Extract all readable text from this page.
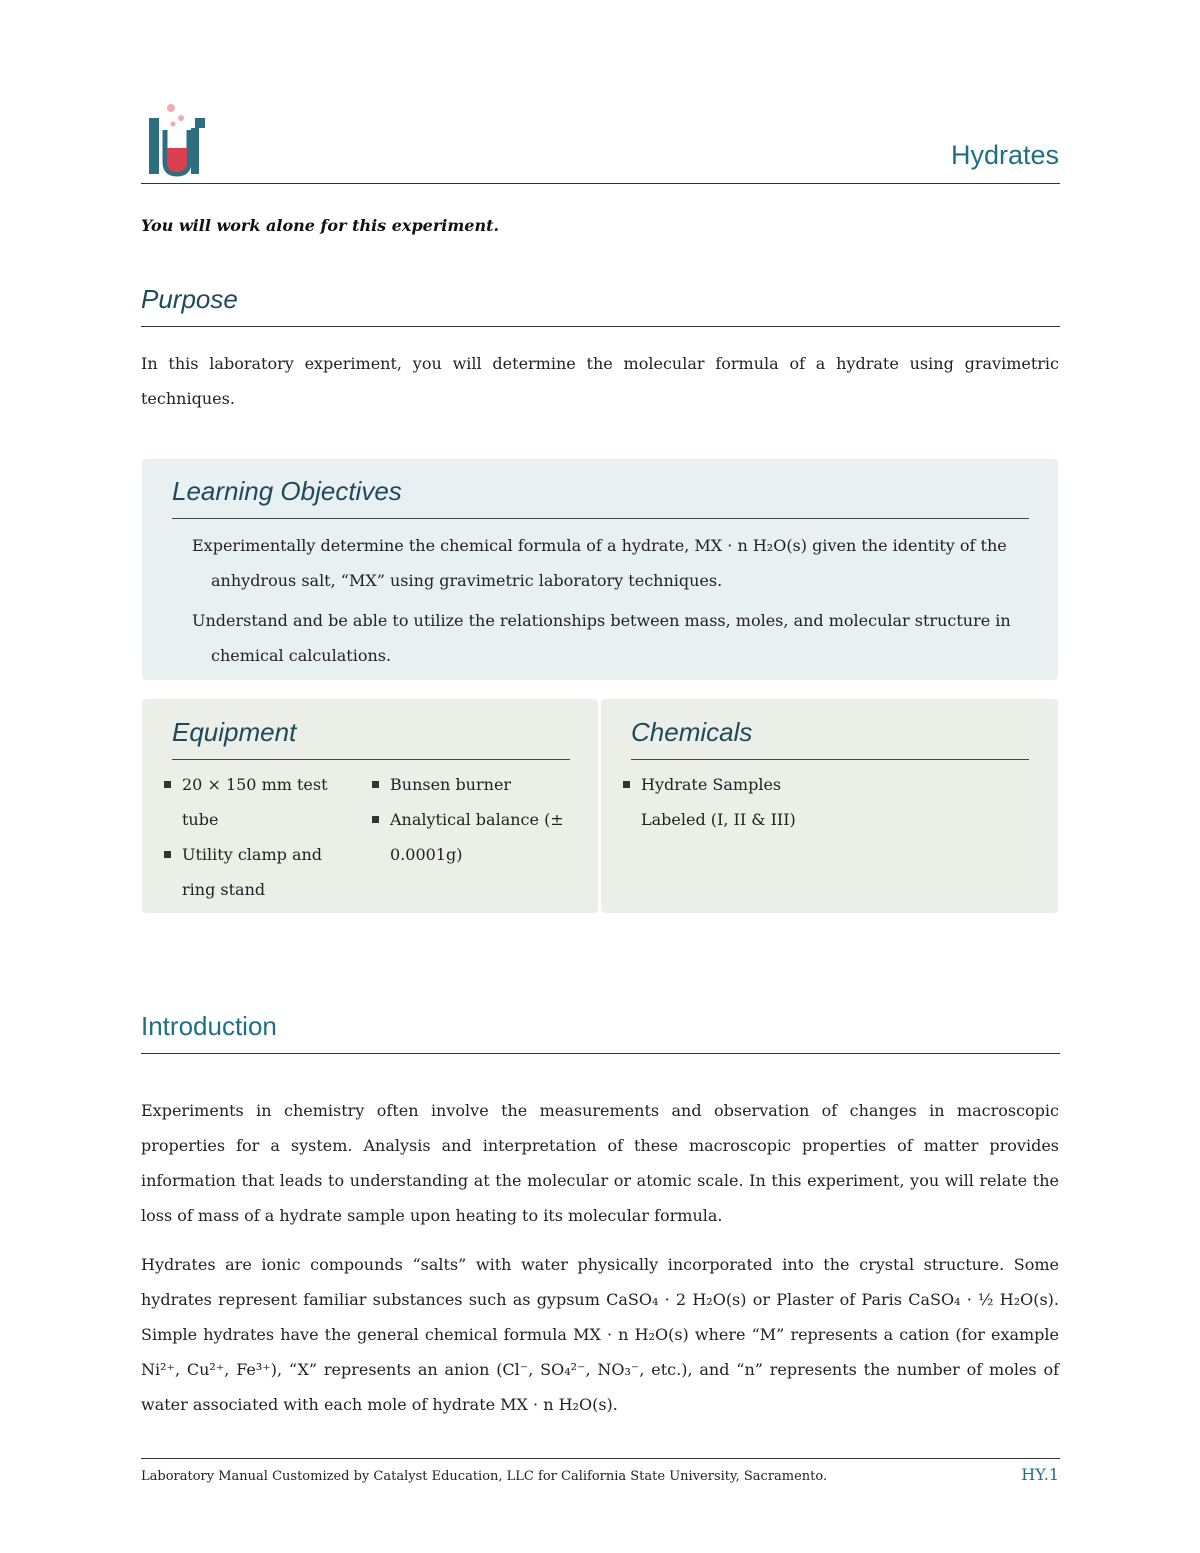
Hydrates
You will work alone for this experiment.
Purpose

In this laboratory experiment, you will determine the molecular formula of a hydrate using gravimetric techniques.

Learning Objectives
Experimentally determine the chemical formula of a hydrate, MX · n H₂O(s) given the identity of the
anhydrous salt, “MX” using gravimetric laboratory techniques.
Understand and be able to utilize the relationships between mass, moles, and molecular structure in
chemical calculations.
Equipment
20 × 150 mm test tube
Utility clamp and ring stand
Bunsen burner
Analytical balance (± 0.0001g)
Chemicals
Hydrate Samples Labeled (I, II & III)
Introduction

Experiments in chemistry often involve the measurements and observation of changes in macroscopic properties for a system. Analysis and interpretation of these macroscopic properties of matter provides information that leads to understanding at the molecular or atomic scale. In this experiment, you will relate the loss of mass of a hydrate sample upon heating to its molecular formula.

Hydrates are ionic compounds “salts” with water physically incorporated into the crystal structure. Some hydrates represent familiar substances such as gypsum CaSO₄ · 2 H₂O(s) or Plaster of Paris CaSO₄ · ½ H₂O(s). Simple hydrates have the general chemical formula MX · n H₂O(s) where “M” represents a cation (for example Ni²⁺, Cu²⁺, Fe³⁺), “X” represents an anion (Cl⁻, SO₄²⁻, NO₃⁻, etc.), and “n” represents the number of moles of water associated with each mole of hydrate MX · n H₂O(s).

Laboratory Manual Customized by Catalyst Education, LLC for California State University, Sacramento.	HY.1
